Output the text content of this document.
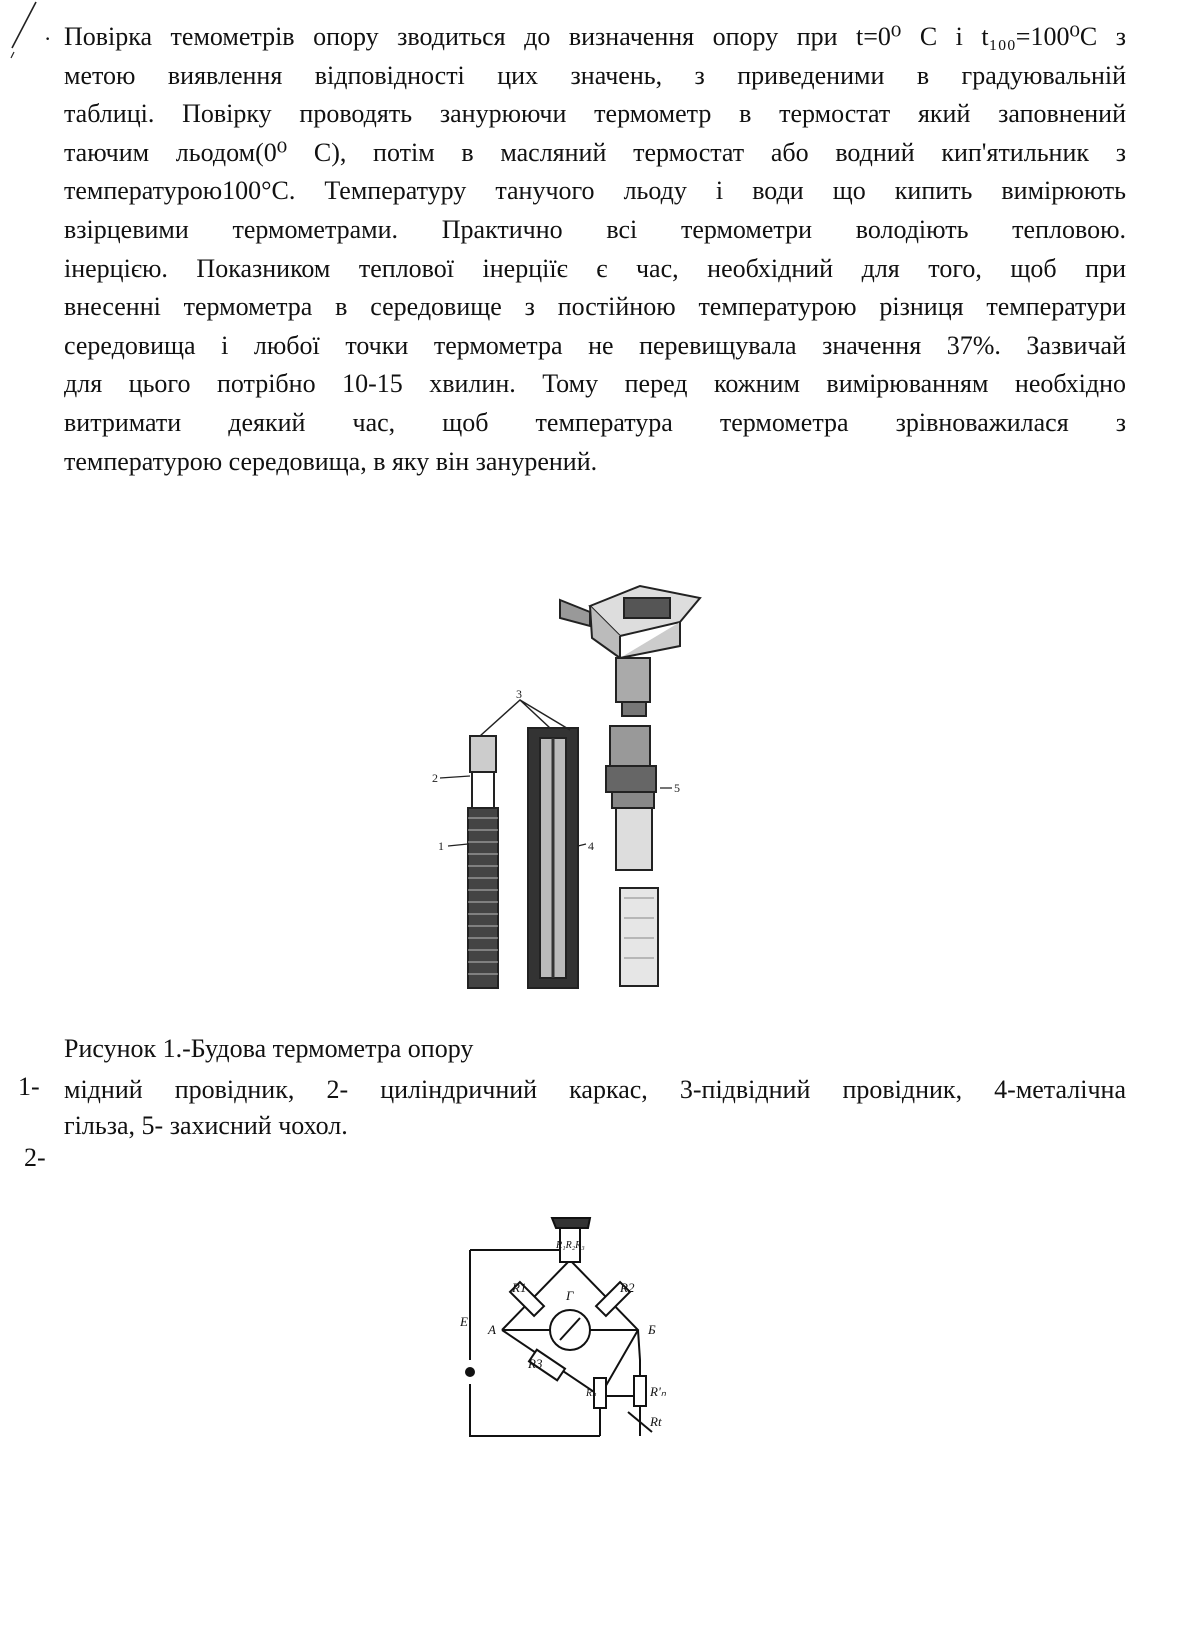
· Повірка темометрів опору зводиться до визначення опору при t=0⁰ С і t₁₀₀=100⁰С з
метою виявлення відповідності цих значень, з приведеними в градуювальній
таблиці. Повірку проводять занурюючи термометр в термостат який заповнений
таючим льодом(0⁰ С), потім в масляний термостат або водний кип'ятильник з
температурою100°С. Температуру танучого льоду і води що кипить вимірюють
взірцевими термометрами. Практично всі термометри володіють тепловою.
інерцією. Показником теплової інерціїє є час, необхідний для того, щоб при
внесенні термометра в середовище з постійною температурою різниця температури
середовища і любої точки термометра не перевищувала значення 37%. Зазвичай
для цього потрібно 10-15 хвилин. Тому перед кожним вимірюванням необхідно
витримати деякий час, щоб температура термометра зрівноважилася з
температурою середовища, в яку він занурений.
3
2
1	4
5
Рисунок 1.-Будова термометра опору
1- мідний провідник, 2- циліндричний каркас, 3-підвідний провідник, 4-металічна
гільза, 5- захисний чохол.
2-
R1	R2
R3
R₁R₂R₃
Г
А	Б
Е
R'ₙ
Rt
Rₙ
